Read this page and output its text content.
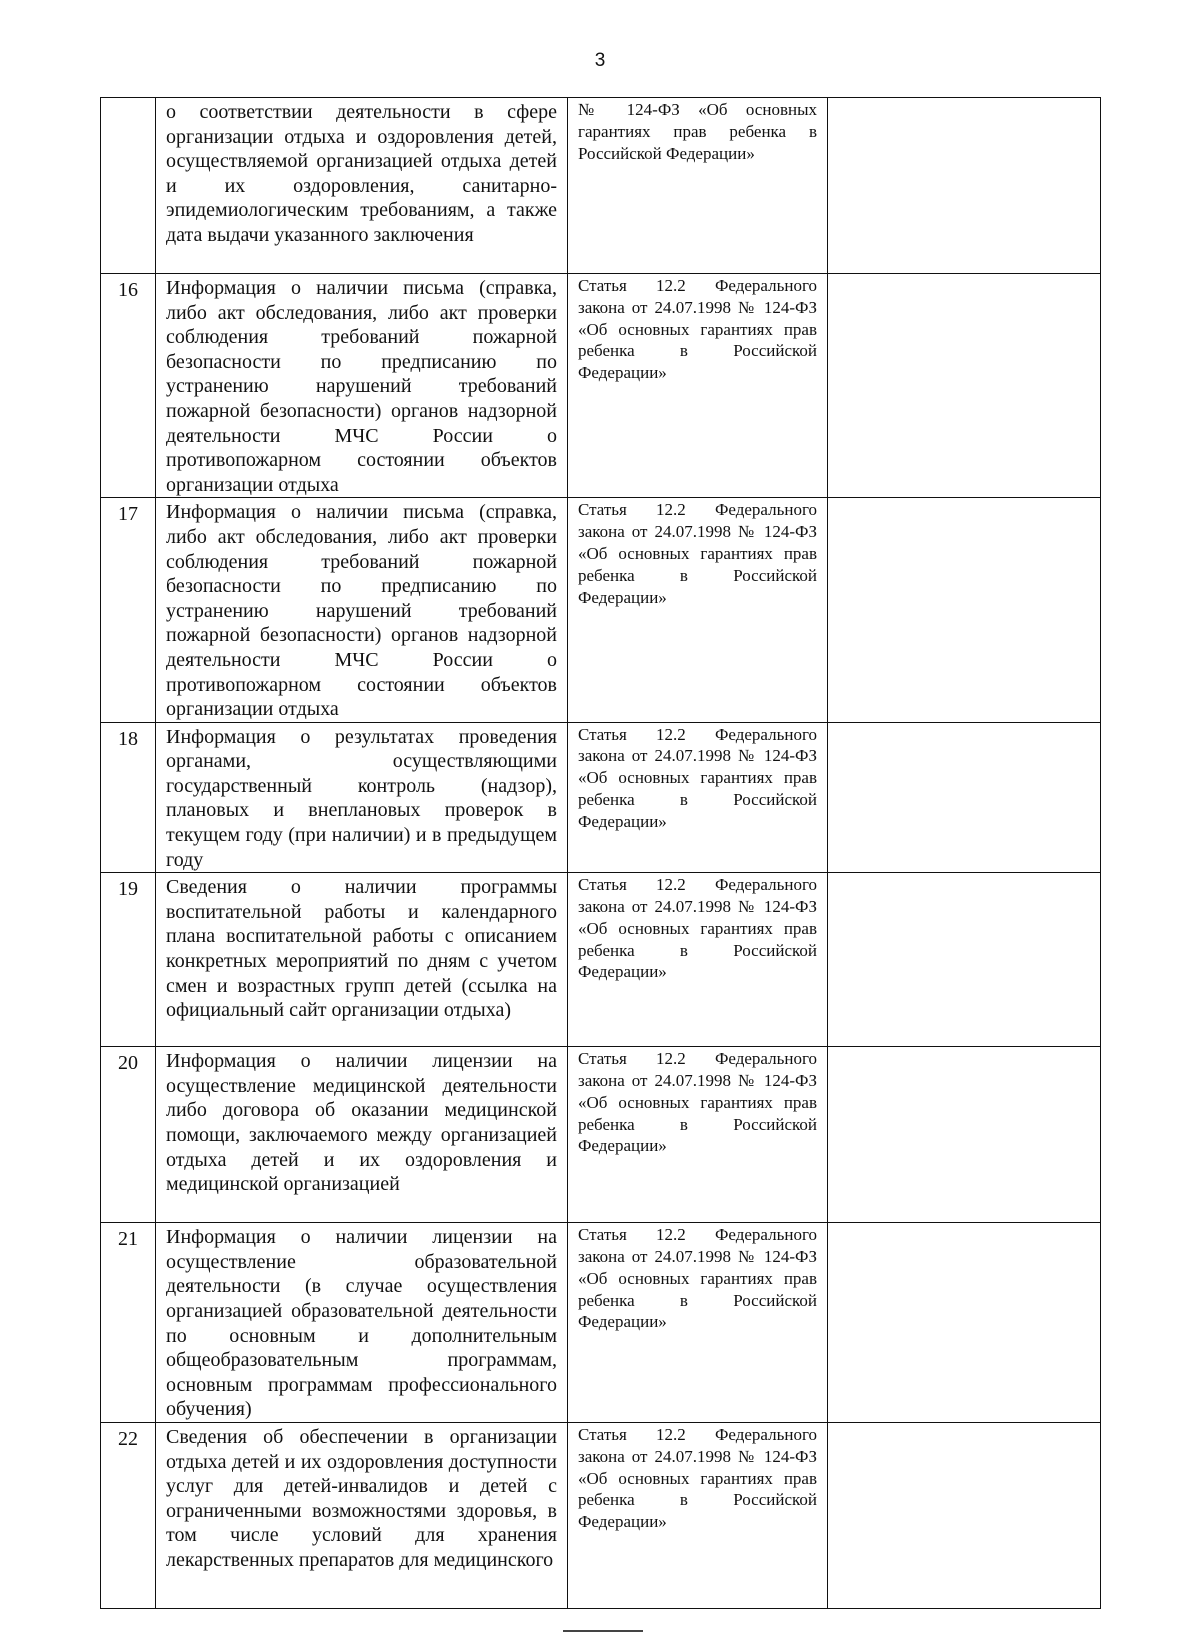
3
	о соответствии деятельности в сфере организации отдыха и оздоровления детей, осуществляемой организацией отдыха детей и их оздоровления, санитарно-эпидемиологическим требованиям, а также дата выдачи указанного заключения	№ 124-ФЗ «Об основных гарантиях прав ребенка в Российской Федерации»	
16	Информация о наличии письма (справка, либо акт обследования, либо акт проверки соблюдения требований пожарной безопасности по предписанию по устранению нарушений требований пожарной безопасности) органов надзорной деятельности МЧС России о противопожарном состоянии объектов организации отдыха	Статья 12.2 Федерального закона от 24.07.1998 № 124-ФЗ «Об основных гарантиях прав ребенка в Российской Федерации»	
17	Информация о наличии письма (справка, либо акт обследования, либо акт проверки соблюдения требований пожарной безопасности по предписанию по устранению нарушений требований пожарной безопасности) органов надзорной деятельности МЧС России о противопожарном состоянии объектов организации отдыха	Статья 12.2 Федерального закона от 24.07.1998 № 124-ФЗ «Об основных гарантиях прав ребенка в Российской Федерации»	
18	Информация о результатах проведения органами, осуществляющими государственный контроль (надзор), плановых и внеплановых проверок в текущем году (при наличии) и в предыдущем году	Статья 12.2 Федерального закона от 24.07.1998 № 124-ФЗ «Об основных гарантиях прав ребенка в Российской Федерации»	
19	Сведения о наличии программы воспитательной работы и календарного плана воспитательной работы с описанием конкретных мероприятий по дням с учетом смен и возрастных групп детей (ссылка на официальный сайт организации отдыха)	Статья 12.2 Федерального закона от 24.07.1998 № 124-ФЗ «Об основных гарантиях прав ребенка в Российской Федерации»	
20	Информация о наличии лицензии на осуществление медицинской деятельности либо договора об оказании медицинской помощи, заключаемого между организацией отдыха детей и их оздоровления и медицинской организацией	Статья 12.2 Федерального закона от 24.07.1998 № 124-ФЗ «Об основных гарантиях прав ребенка в Российской Федерации»	
21	Информация о наличии лицензии на осуществление образовательной деятельности (в случае осуществления организацией образовательной деятельности по основным и дополнительным общеобразовательным программам, основным программам профессионального обучения)	Статья 12.2 Федерального закона от 24.07.1998 № 124-ФЗ «Об основных гарантиях прав ребенка в Российской Федерации»	
22	Сведения об обеспечении в организации отдыха детей и их оздоровления доступности услуг для детей-инвалидов и детей с ограниченными возможностями здоровья, в том числе условий для хранения лекарственных препаратов для медицинского	Статья 12.2 Федерального закона от 24.07.1998 № 124-ФЗ «Об основных гарантиях прав ребенка в Российской Федерации»	
